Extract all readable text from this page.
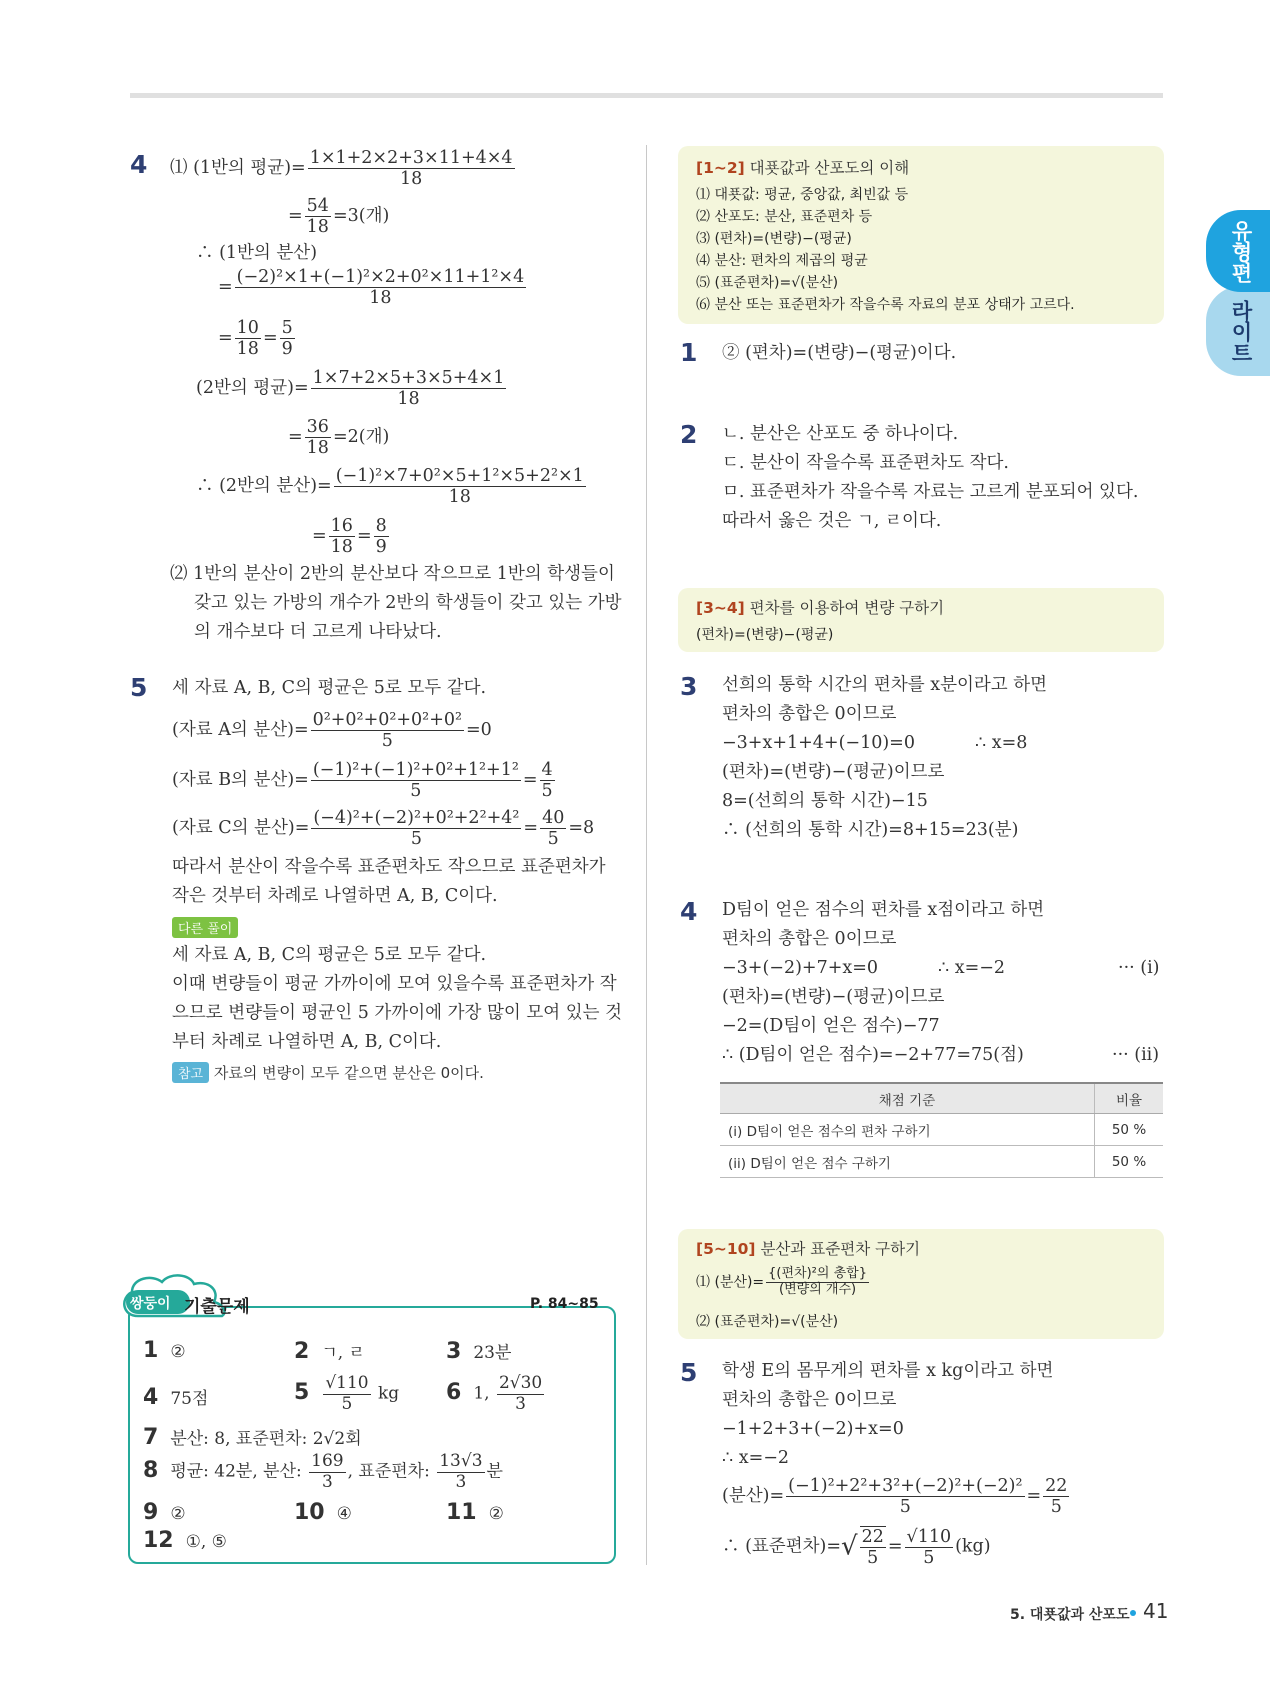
유형편
라이트
4 ⑴ (1반의 평균)= $\frac{1\times 1+2\times 2+3\times 11+4\times 4}{18}$
= $\frac{54}{18} =3$(개)
∴ (1반의 분산)
= $\frac{\text{(−2)²×1+(−1)²×2+0²×11+1²×4}}{18}$
= $\frac{10}{18} = \frac{5}{9}$
(2반의 평균)= $\frac{1\times 7+2\times 5+3\times 5+4\times 1}{18}$
= $\frac{36}{18} =2$(개)
∴ (2반의 분산)= $\frac{\text{(−1)²×7+0²×5+1²×5+2²×1}}{18}$
= $\frac{16}{18} = \frac{8}{9}$
⑵ 1반의 분산이 2반의 분산보다 작으므로 1반의 학생들이
갖고 있는 가방의 개수가 2반의 학생들이 갖고 있는 가방
의 개수보다 더 고르게 나타났다.
5 세 자료 A, B, C의 평균은 5로 모두 같다.
(자료 A의 분산)= $\frac{\text{0²+0²+0²+0²+0²}}{5} =0$
(자료 B의 분산)= $\frac{\text{(−1)²+(−1)²+0²+1²+1²}}{5} = \frac{4}{5}$
(자료 C의 분산)= $\frac{\text{(−4)²+(−2)²+0²+2²+4²}}{5} = \frac{40}{5} =8$
따라서 분산이 작을수록 표준편차도 작으므로 표준편차가
작은 것부터 차례로 나열하면 A, B, C이다.
다른 풀이
세 자료 A, B, C의 평균은 5로 모두 같다.
이때 변량들이 평균 가까이에 모여 있을수록 표준편차가 작
으므로 변량들이 평균인 5 가까이에 가장 많이 모여 있는 것
부터 차례로 나열하면 A, B, C이다.
참고 자료의 변량이 모두 같으면 분산은 0이다.
쌍둥이 기출문제	P. 84~85
1 ②	2 ㄱ, ㄹ	3 23분
4 75점	$5 \frac{√110}{5}$ kg 6 1, $\frac{2√30}{3}$
7 분산: 8, 표준편차: 2√2회
8 평균: 42분, 분산: $\frac{169}{3}$ , 표준편차: $\frac{13√3}{3}$ 분
9 ②	10 ④	11 ②
12 ①, ⑤
[1~2] 대푯값과 산포도의 이해
⑴ 대푯값: 평균, 중앙값, 최빈값 등
⑵ 산포도: 분산, 표준편차 등
⑶ (편차)=(변량)−(평균)
⑷ 분산: 편차의 제곱의 평균
⑸ (표준편차)=√(분산)
⑹ 분산 또는 표준편차가 작을수록 자료의 분포 상태가 고르다.
1 ② (편차)=(변량)−(평균)이다.
2 ㄴ. 분산은 산포도 중 하나이다.
ㄷ. 분산이 작을수록 표준편차도 작다.
ㅁ. 표준편차가 작을수록 자료는 고르게 분포되어 있다.
따라서 옳은 것은 ㄱ, ㄹ이다.
[3~4] 편차를 이용하여 변량 구하기
(편차)=(변량)−(평균)
3 선희의 통학 시간의 편차를 x분이라고 하면
편차의 총합은 0이므로
−3+x+1+4+(−10)=0	∴ x=8
(편차)=(변량)−(평균)이므로
8=(선희의 통학 시간)−15
∴ (선희의 통학 시간)=8+15=23(분)
4 D팀이 얻은 점수의 편차를 x점이라고 하면
편차의 총합은 0이므로
−3+(−2)+7+x=0	∴ x=−2	··· (i)
(편차)=(변량)−(평균)이므로
−2=(D팀이 얻은 점수)−77
∴ (D팀이 얻은 점수)=−2+77=75(점)	··· (ii)
채점 기준	비율
(i) D팀이 얻은 점수의 편차 구하기	50 %
(ii) D팀이 얻은 점수 구하기	50 %
[5~10] 분산과 표준편차 구하기
⑴ (분산)=
{(편차)²의 총합}
(변량의 개수)
⑵ (표준편차)=√(분산)
5 학생 E의 몸무게의 편차를 x kg이라고 하면
편차의 총합은 0이므로
−1+2+3+(−2)+x=0
∴ x=−2
(분산)= $\frac{\text{(−1)²+2²+3²+(−2)²+(−2)²}}{5} = \frac{22}{5}$
∴ (표준편차)=√ $\frac{22}{5} = \frac{√110}{5} (kg)$
5. 대푯값과 산포도 41
